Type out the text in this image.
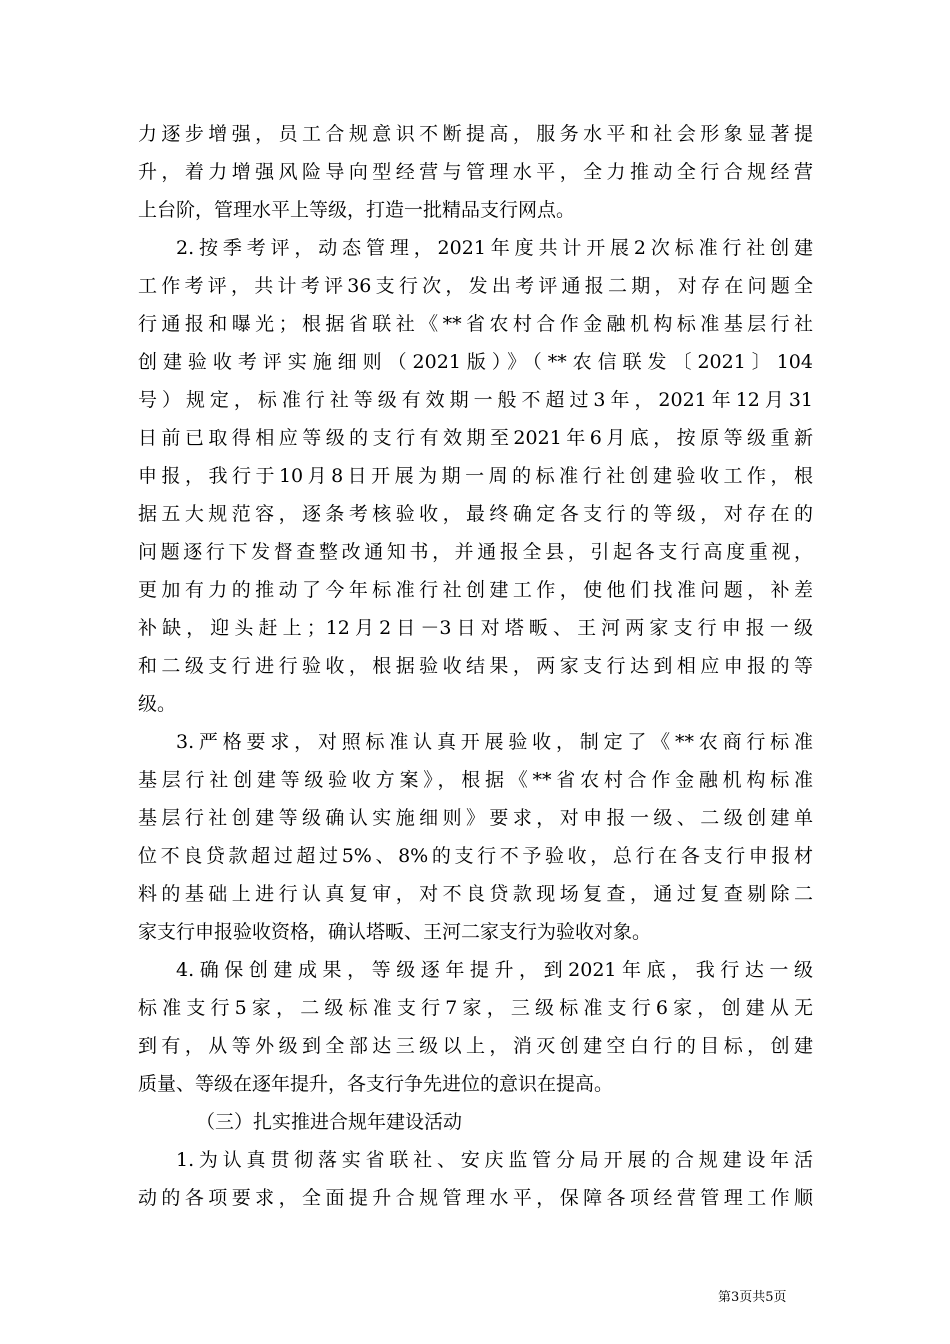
力逐步增强，员工合规意识不断提高，服务水平和社会形象显著提
升，着力增强风险导向型经营与管理水平，全力推动全行合规经营
上台阶，管理水平上等级，打造一批精品支行网点。
2.按季考评，动态管理，2021年度共计开展2次标准行社创建
工作考评，共计考评36支行次，发出考评通报二期，对存在问题全
行通报和曝光；根据省联社《**省农村合作金融机构标准基层行社
创建验收考评实施细则（2021版）》（**农信联发〔2021〕104
号）规定，标准行社等级有效期一般不超过3年，2021年12月31
日前已取得相应等级的支行有效期至2021年6月底，按原等级重新
申报，我行于10月8日开展为期一周的标准行社创建验收工作，根
据五大规范容，逐条考核验收，最终确定各支行的等级，对存在的
问题逐行下发督查整改通知书，并通报全县，引起各支行高度重视，
更加有力的推动了今年标准行社创建工作，使他们找准问题，补差
补缺，迎头赶上；12月2日－3日对塔畈、王河两家支行申报一级
和二级支行进行验收，根据验收结果，两家支行达到相应申报的等
级。
3.严格要求，对照标准认真开展验收，制定了《**农商行标准
基层行社创建等级验收方案》，根据《**省农村合作金融机构标准
基层行社创建等级确认实施细则》要求，对申报一级、二级创建单
位不良贷款超过超过5%、8%的支行不予验收，总行在各支行申报材
料的基础上进行认真复审，对不良贷款现场复查，通过复查剔除二
家支行申报验收资格，确认塔畈、王河二家支行为验收对象。
4.确保创建成果，等级逐年提升，到2021年底，我行达一级
标准支行5家，二级标准支行7家，三级标准支行6家，创建从无
到有，从等外级到全部达三级以上，消灭创建空白行的目标，创建
质量、等级在逐年提升，各支行争先进位的意识在提高。
（三）扎实推进合规年建设活动
1.为认真贯彻落实省联社、安庆监管分局开展的合规建设年活
动的各项要求，全面提升合规管理水平，保障各项经营管理工作顺
第3页共5页
